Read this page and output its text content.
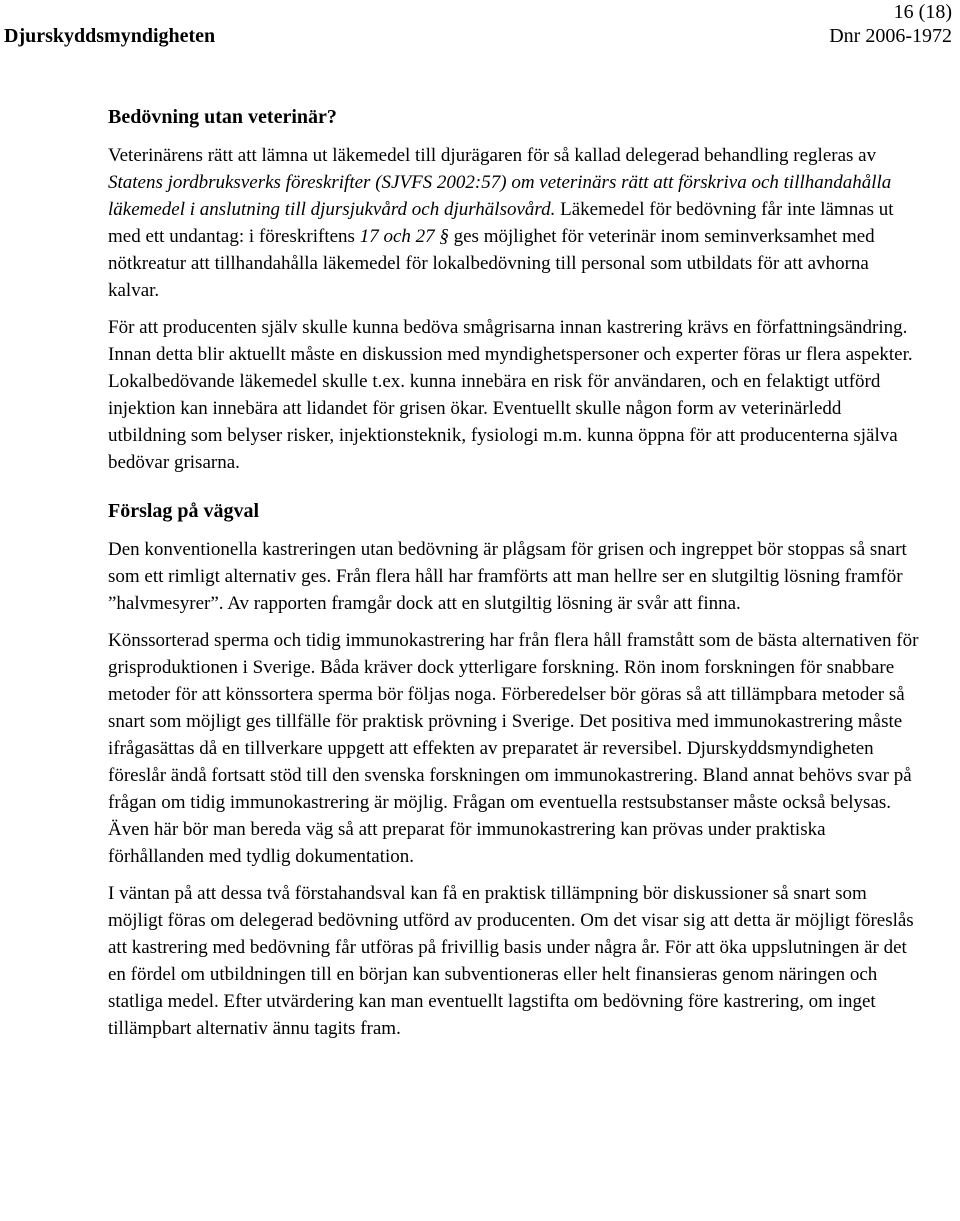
16 (18)
Djurskyddsmyndigheten	Dnr 2006-1972
Bedövning utan veterinär?

Veterinärens rätt att lämna ut läkemedel till djurägaren för så kallad delegerad behandling regleras av Statens jordbruksverks föreskrifter (SJVFS 2002:57) om veterinärs rätt att förskriva och tillhandahålla läkemedel i anslutning till djursjukvård och djurhälsovård. Läkemedel för bedövning får inte lämnas ut med ett undantag: i föreskriftens 17 och 27 § ges möjlighet för veterinär inom seminverksamhet med nötkreatur att tillhandahålla läkemedel för lokalbedövning till personal som utbildats för att avhorna kalvar.

För att producenten själv skulle kunna bedöva smågrisarna innan kastrering krävs en författningsändring. Innan detta blir aktuellt måste en diskussion med myndighetspersoner och experter föras ur flera aspekter. Lokalbedövande läkemedel skulle t.ex. kunna innebära en risk för användaren, och en felaktigt utförd injektion kan innebära att lidandet för grisen ökar. Eventuellt skulle någon form av veterinärledd utbildning som belyser risker, injektionsteknik, fysiologi m.m. kunna öppna för att producenterna själva bedövar grisarna.

Förslag på vägval

Den konventionella kastreringen utan bedövning är plågsam för grisen och ingreppet bör stoppas så snart som ett rimligt alternativ ges. Från flera håll har framförts att man hellre ser en slutgiltig lösning framför ”halvmesyrer”. Av rapporten framgår dock att en slutgiltig lösning är svår att finna.

Könssorterad sperma och tidig immunokastrering har från flera håll framstått som de bästa alternativen för grisproduktionen i Sverige. Båda kräver dock ytterligare forskning. Rön inom forskningen för snabbare metoder för att könssortera sperma bör följas noga. Förberedelser bör göras så att tillämpbara metoder så snart som möjligt ges tillfälle för praktisk prövning i Sverige. Det positiva med immunokastrering måste ifrågasättas då en tillverkare uppgett att effekten av preparatet är reversibel. Djurskyddsmyndigheten föreslår ändå fortsatt stöd till den svenska forskningen om immunokastrering. Bland annat behövs svar på frågan om tidig immunokastrering är möjlig. Frågan om eventuella restsubstanser måste också belysas. Även här bör man bereda väg så att preparat för immunokastrering kan prövas under praktiska förhållanden med tydlig dokumentation.

I väntan på att dessa två förstahandsval kan få en praktisk tillämpning bör diskussioner så snart som möjligt föras om delegerad bedövning utförd av producenten. Om det visar sig att detta är möjligt föreslås att kastrering med bedövning får utföras på frivillig basis under några år. För att öka uppslutningen är det en fördel om utbildningen till en början kan subventioneras eller helt finansieras genom näringen och statliga medel. Efter utvärdering kan man eventuellt lagstifta om bedövning före kastrering, om inget tillämpbart alternativ ännu tagits fram.
